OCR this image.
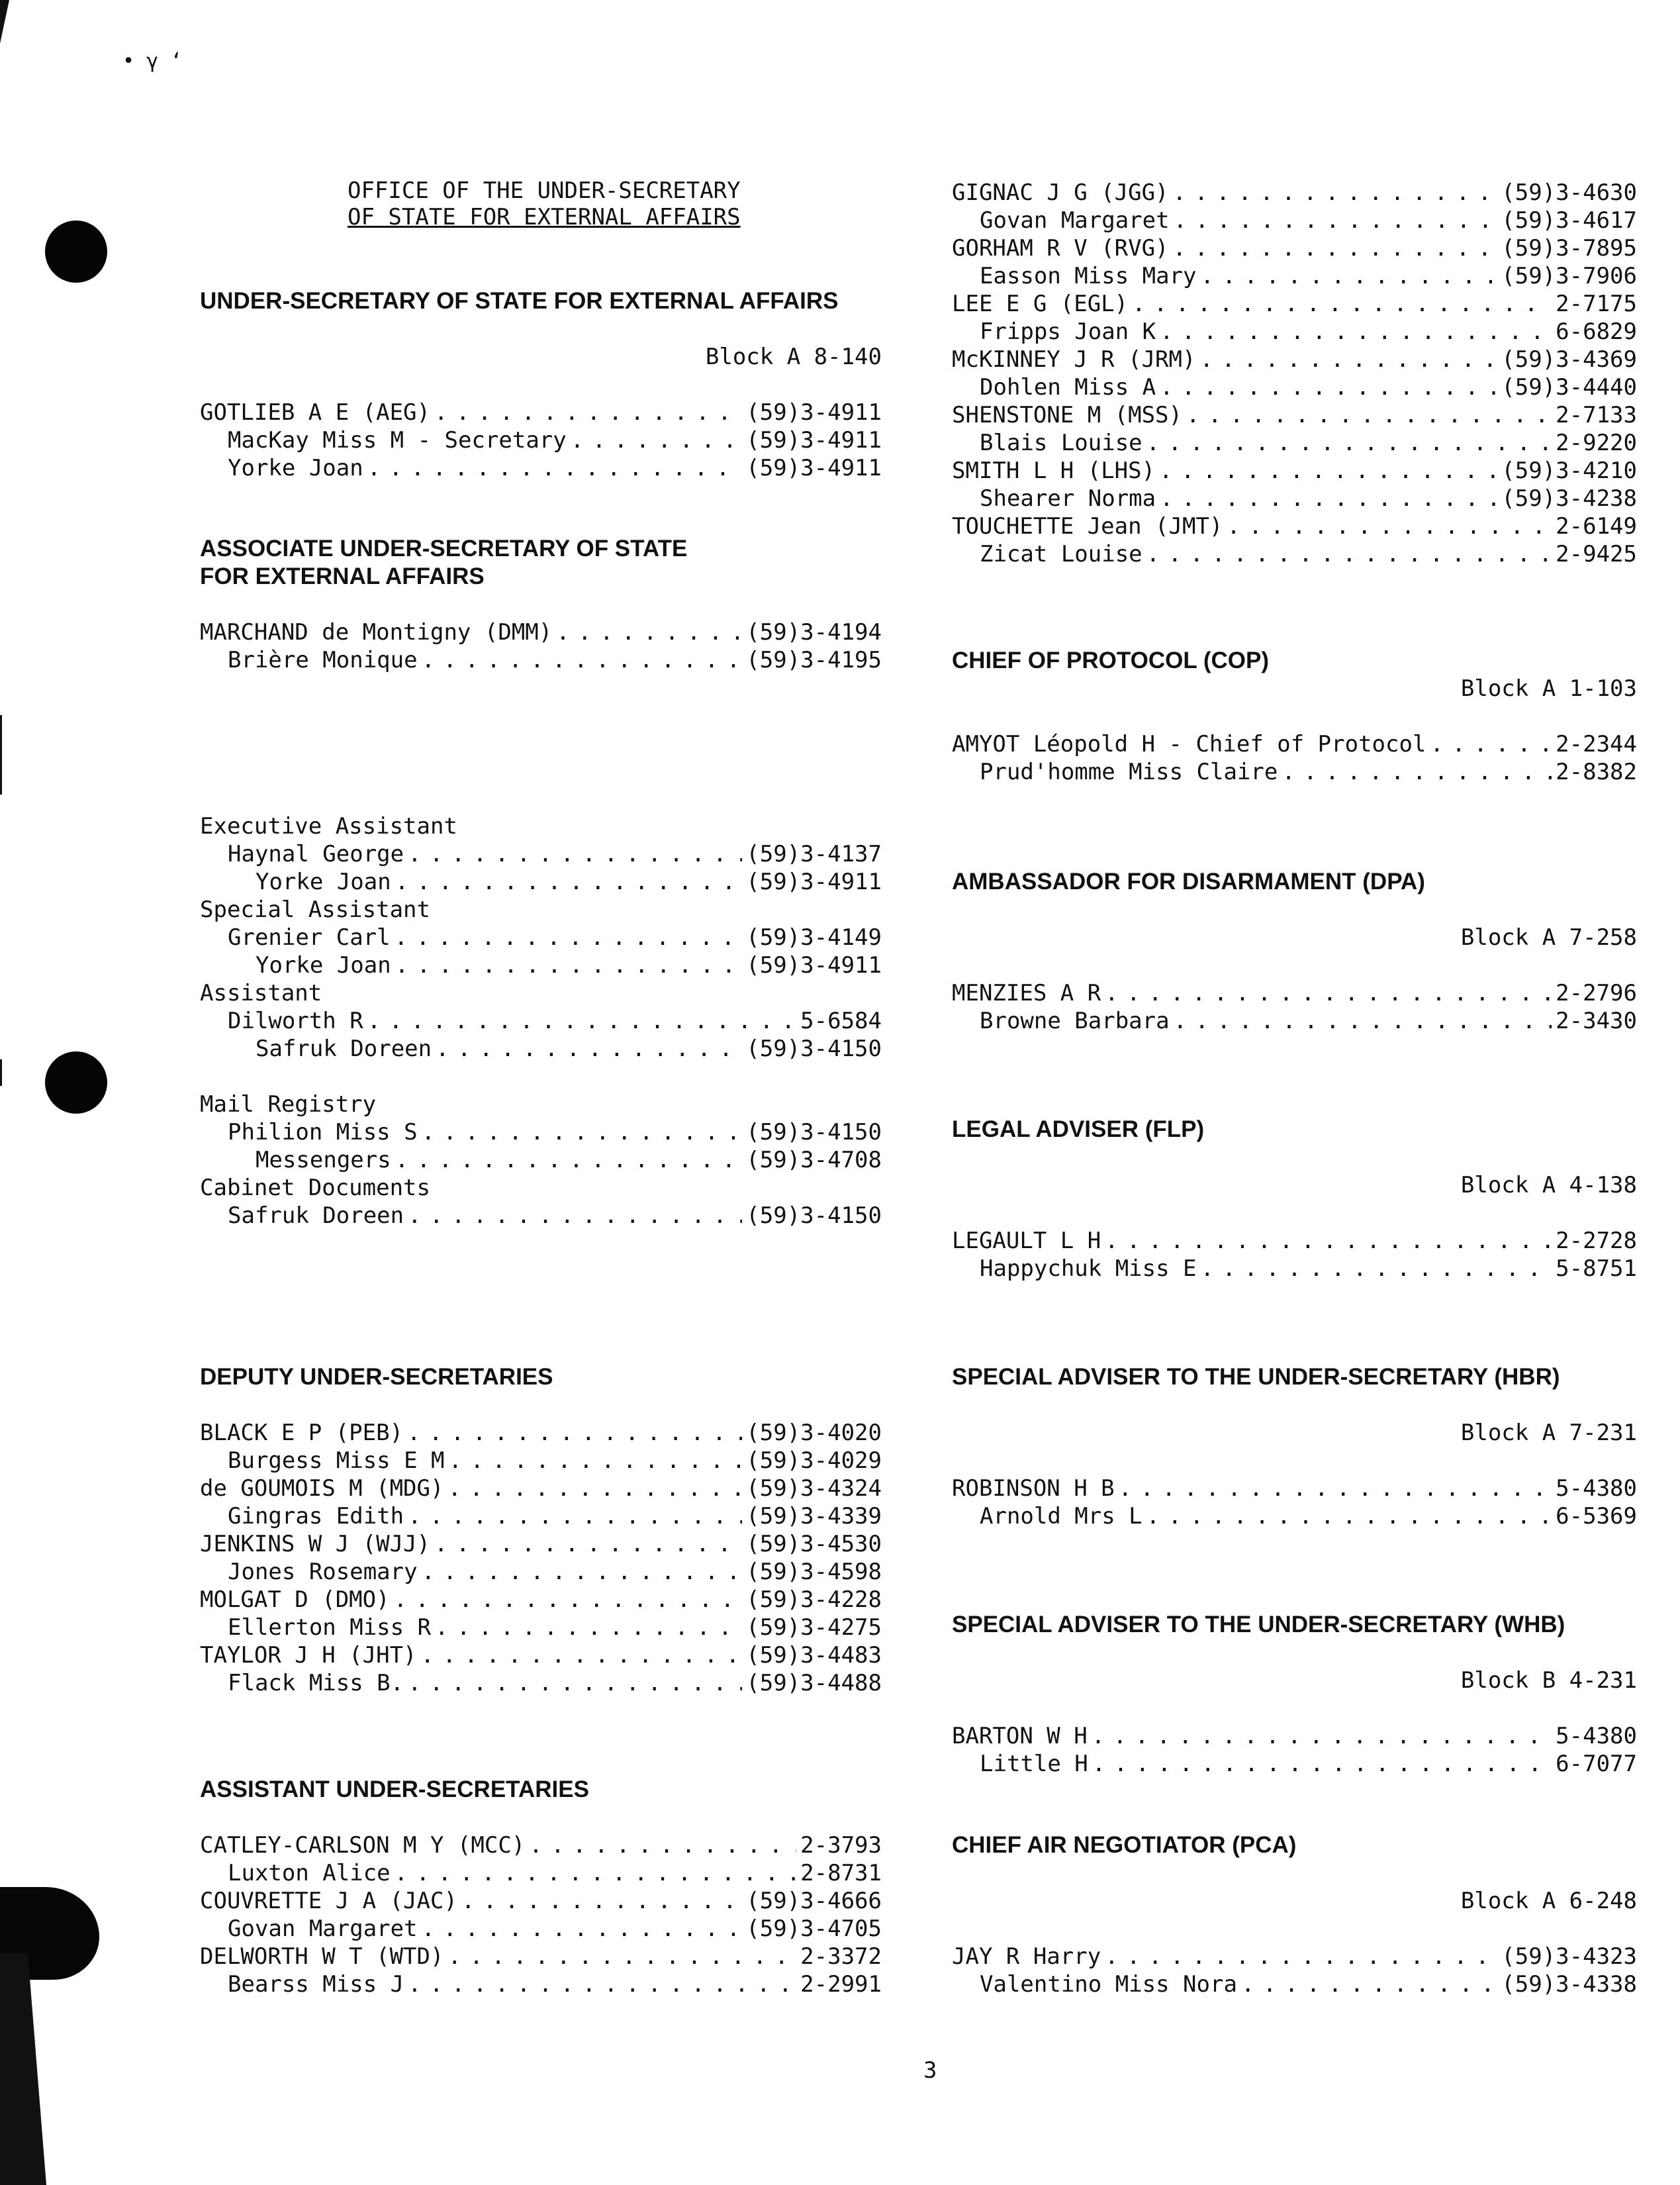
• γ ʻ
OFFICE OF THE UNDER-SECRETARY
OF STATE FOR EXTERNAL AFFAIRS
UNDER-SECRETARY OF STATE FOR EXTERNAL AFFAIRS
Block A 8-140
GOTLIEB A E (AEG) . . .	(59)3-4911
MacKay Miss M - Secretary . . .	(59)3-4911
Yorke Joan . . .	(59)3-4911
ASSOCIATE UNDER-SECRETARY OF STATE
FOR EXTERNAL AFFAIRS
MARCHAND de Montigny (DMM) . . .	(59)3-4194
Brière Monique . . .	(59)3-4195
Executive Assistant
Haynal George . . .	(59)3-4137
Yorke Joan . . .	(59)3-4911
Special Assistant
Grenier Carl . . .	(59)3-4149
Yorke Joan . . .	(59)3-4911
Assistant
Dilworth R . . .	5-6584
Safruk Doreen . . .	(59)3-4150
Mail Registry
Philion Miss S . . .	(59)3-4150
Messengers . . .	(59)3-4708
Cabinet Documents
Safruk Doreen . . .	(59)3-4150
DEPUTY UNDER-SECRETARIES
BLACK E P (PEB) . . .	(59)3-4020
Burgess Miss E M . . .	(59)3-4029
de GOUMOIS M (MDG) . . .	(59)3-4324
Gingras Edith . . .	(59)3-4339
JENKINS W J (WJJ) . . .	(59)3-4530
Jones Rosemary . . .	(59)3-4598
MOLGAT D (DMO) . . .	(59)3-4228
Ellerton Miss R . . .	(59)3-4275
TAYLOR J H (JHT) . . .	(59)3-4483
Flack Miss B. . . .	(59)3-4488
ASSISTANT UNDER-SECRETARIES
CATLEY-CARLSON M Y (MCC) . . .	2-3793
Luxton Alice . . .	2-8731
COUVRETTE J A (JAC) . . .	(59)3-4666
Govan Margaret . . .	(59)3-4705
DELWORTH W T (WTD) . . .	2-3372
Bearss Miss J . . .	2-2991
GIGNAC J G (JGG) . . .	(59)3-4630
Govan Margaret . . .	(59)3-4617
GORHAM R V (RVG) . . .	(59)3-7895
Easson Miss Mary . . .	(59)3-7906
LEE E G (EGL) . . .	2-7175
Fripps Joan K . . .	6-6829
McKINNEY J R (JRM) . . .	(59)3-4369
Dohlen Miss A . . .	(59)3-4440
SHENSTONE M (MSS) . . .	2-7133
Blais Louise . . .	2-9220
SMITH L H (LHS) . . .	(59)3-4210
Shearer Norma . . .	(59)3-4238
TOUCHETTE Jean (JMT) . . .	2-6149
Zicat Louise . . .	2-9425
CHIEF OF PROTOCOL (COP)
Block A 1-103
AMYOT Léopold H - Chief of Protocol . . .	2-2344
Prud'homme Miss Claire . . .	2-8382
AMBASSADOR FOR DISARMAMENT (DPA)
Block A 7-258
MENZIES A R . . .	2-2796
Browne Barbara . . .	2-3430
LEGAL ADVISER (FLP)
Block A 4-138
LEGAULT L H . . .	2-2728
Happychuk Miss E . . .	5-8751
SPECIAL ADVISER TO THE UNDER-SECRETARY (HBR)
Block A 7-231
ROBINSON H B . . .	5-4380
Arnold Mrs L . . .	6-5369
SPECIAL ADVISER TO THE UNDER-SECRETARY (WHB)
Block B 4-231
BARTON W H . . .	5-4380
Little H . . .	6-7077
CHIEF AIR NEGOTIATOR (PCA)
Block A 6-248
JAY R Harry . . .	(59)3-4323
Valentino Miss Nora . . .	(59)3-4338
3
